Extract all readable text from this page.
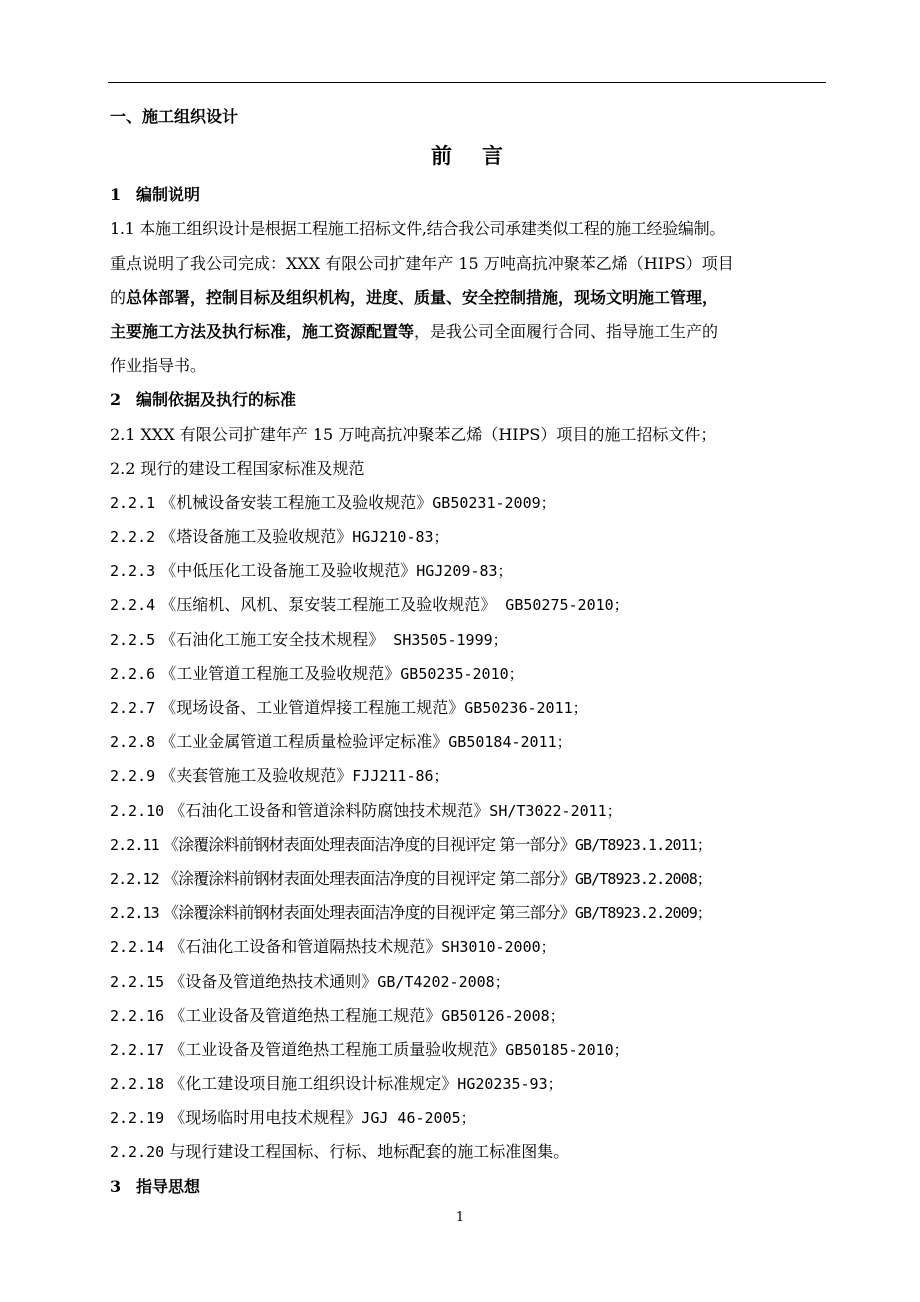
一、施工组织设计
前 言
1 编制说明
1.1 本施工组织设计是根据工程施工招标文件,结合我公司承建类似工程的施工经验编制。
重点说明了我公司完成：XXX 有限公司扩建年产 15 万吨高抗冲聚苯乙烯（HIPS）项目
的总体部署，控制目标及组织机构，进度、质量、安全控制措施，现场文明施工管理，
主要施工方法及执行标准，施工资源配置等，是我公司全面履行合同、指导施工生产的
作业指导书。
2 编制依据及执行的标准
2.1 XXX 有限公司扩建年产 15 万吨高抗冲聚苯乙烯（HIPS）项目的施工招标文件；
2.2 现行的建设工程国家标准及规范
2.2.1 《机械设备安装工程施工及验收规范》GB50231-2009；
2.2.2 《塔设备施工及验收规范》HGJ210-83；
2.2.3 《中低压化工设备施工及验收规范》HGJ209-83；
2.2.4 《压缩机、风机、泵安装工程施工及验收规范》 GB50275-2010；
2.2.5 《石油化工施工安全技术规程》 SH3505-1999；
2.2.6 《工业管道工程施工及验收规范》GB50235-2010；
2.2.7 《现场设备、工业管道焊接工程施工规范》GB50236-2011；
2.2.8 《工业金属管道工程质量检验评定标准》GB50184-2011；
2.2.9 《夹套管施工及验收规范》FJJ211-86；
2.2.10 《石油化工设备和管道涂料防腐蚀技术规范》SH/T3022-2011；
2.2.11 《涂覆涂料前钢材表面处理表面洁净度的目视评定 第一部分》GB/T8923.1.2011；
2.2.12 《涂覆涂料前钢材表面处理表面洁净度的目视评定 第二部分》GB/T8923.2.2008；
2.2.13 《涂覆涂料前钢材表面处理表面洁净度的目视评定 第三部分》GB/T8923.2.2009；
2.2.14 《石油化工设备和管道隔热技术规范》SH3010-2000；
2.2.15 《设备及管道绝热技术通则》GB/T4202-2008；
2.2.16 《工业设备及管道绝热工程施工规范》GB50126-2008；
2.2.17 《工业设备及管道绝热工程施工质量验收规范》GB50185-2010；
2.2.18 《化工建设项目施工组织设计标准规定》HG20235-93；
2.2.19 《现场临时用电技术规程》JGJ 46-2005；
2.2.20 与现行建设工程国标、行标、地标配套的施工标准图集。
3 指导思想
1
